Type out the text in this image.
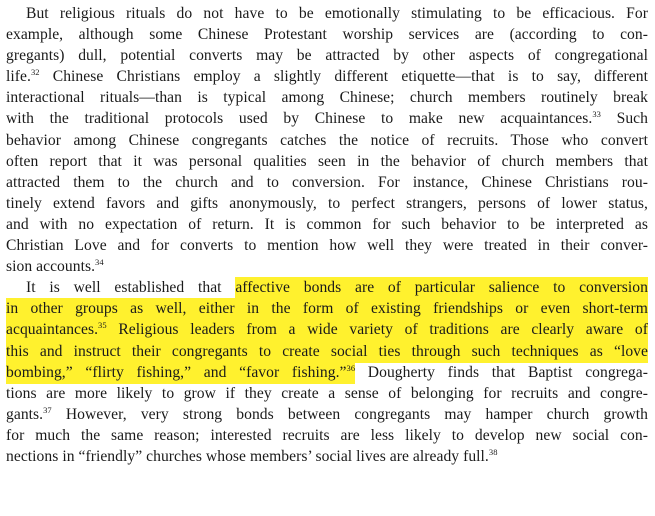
But religious rituals do not have to be emotionally stimulating to be efficacious. For
example, although some Chinese Protestant worship services are (according to con-
gregants) dull, potential converts may be attracted by other aspects of congregational
life.$^{32}$ Chinese Christians employ a slightly different etiquette—that is to say, different
interactional rituals—than is typical among Chinese; church members routinely break
with the traditional protocols used by Chinese to make new acquaintances.$^{33}$ Such
behavior among Chinese congregants catches the notice of recruits. Those who convert
often report that it was personal qualities seen in the behavior of church members that
attracted them to the church and to conversion. For instance, Chinese Christians rou-
tinely extend favors and gifts anonymously, to perfect strangers, persons of lower status,
and with no expectation of return. It is common for such behavior to be interpreted as
Christian Love and for converts to mention how well they were treated in their conver-
sion accounts.$^{34}$
It is well established that affective bonds are of particular salience to conversion
in other groups as well, either in the form of existing friendships or even short-term
acquaintances.$^{35}$ Religious leaders from a wide variety of traditions are clearly aware of
this and instruct their congregants to create social ties through such techniques as “love
bombing,” “flirty fishing,” and “favor fishing.”$^{36}$ Dougherty finds that Baptist congrega-
tions are more likely to grow if they create a sense of belonging for recruits and congre-
gants.$^{37}$ However, very strong bonds between congregants may hamper church growth
for much the same reason; interested recruits are less likely to develop new social con-
nections in “friendly” churches whose members’ social lives are already full.$^{38}$
